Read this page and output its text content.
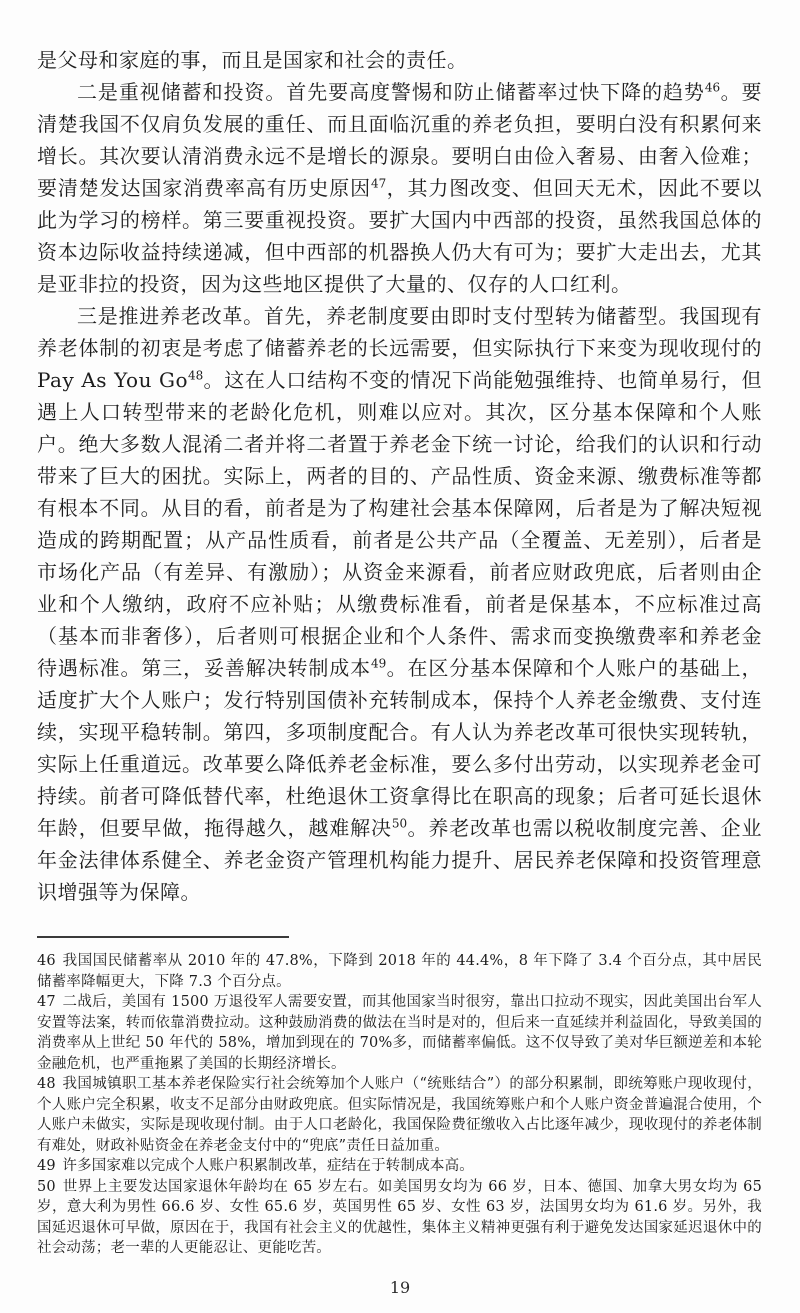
是父母和家庭的事，而且是国家和社会的责任。

二是重视储蓄和投资。首先要高度警惕和防止储蓄率过快下降的趋势$^{46}$。要清楚我国不仅肩负发展的重任、而且面临沉重的养老负担，要明白没有积累何来增长。其次要认清消费永远不是增长的源泉。要明白由俭入奢易、由奢入俭难；要清楚发达国家消费率高有历史原因$^{47}$，其力图改变、但回天无术，因此不要以此为学习的榜样。第三要重视投资。要扩大国内中西部的投资，虽然我国总体的资本边际收益持续递减，但中西部的机器换人仍大有可为；要扩大走出去，尤其是亚非拉的投资，因为这些地区提供了大量的、仅存的人口红利。

三是推进养老改革。首先，养老制度要由即时支付型转为储蓄型。我国现有养老体制的初衷是考虑了储蓄养老的长远需要，但实际执行下来变为现收现付的 Pay As You Go$^{48}$。这在人口结构不变的情况下尚能勉强维持、也简单易行，但遇上人口转型带来的老龄化危机，则难以应对。其次，区分基本保障和个人账户。绝大多数人混淆二者并将二者置于养老金下统一讨论，给我们的认识和行动带来了巨大的困扰。实际上，两者的目的、产品性质、资金来源、缴费标准等都有根本不同。从目的看，前者是为了构建社会基本保障网，后者是为了解决短视造成的跨期配置；从产品性质看，前者是公共产品（全覆盖、无差别），后者是市场化产品（有差异、有激励）；从资金来源看，前者应财政兜底，后者则由企业和个人缴纳，政府不应补贴；从缴费标准看，前者是保基本，不应标准过高（基本而非奢侈），后者则可根据企业和个人条件、需求而变换缴费率和养老金待遇标准。第三，妥善解决转制成本$^{49}$。在区分基本保障和个人账户的基础上，适度扩大个人账户；发行特别国债补充转制成本，保持个人养老金缴费、支付连续，实现平稳转制。第四，多项制度配合。有人认为养老改革可很快实现转轨，实际上任重道远。改革要么降低养老金标准，要么多付出劳动，以实现养老金可持续。前者可降低替代率，杜绝退休工资拿得比在职高的现象；后者可延长退休年龄，但要早做，拖得越久，越难解决$^{50}$。养老改革也需以税收制度完善、企业年金法律体系健全、养老金资产管理机构能力提升、居民养老保障和投资管理意识增强等为保障。

46 我国国民储蓄率从 2010 年的 47.8%，下降到 2018 年的 44.4%，8 年下降了 3.4 个百分点，其中居民储蓄率降幅更大，下降 7.3 个百分点。

47 二战后，美国有 1500 万退役军人需要安置，而其他国家当时很穷，靠出口拉动不现实，因此美国出台军人安置等法案，转而依靠消费拉动。这种鼓励消费的做法在当时是对的，但后来一直延续并利益固化，导致美国的消费率从上世纪 50 年代的 58%，增加到现在的 70%多，而储蓄率偏低。这不仅导致了美对华巨额逆差和本轮金融危机，也严重拖累了美国的长期经济增长。

48 我国城镇职工基本养老保险实行社会统筹加个人账户（“统账结合”）的部分积累制，即统筹账户现收现付，个人账户完全积累，收支不足部分由财政兜底。但实际情况是，我国统筹账户和个人账户资金普遍混合使用，个人账户未做实，实际是现收现付制。由于人口老龄化，我国保险费征缴收入占比逐年减少，现收现付的养老体制有难处，财政补贴资金在养老金支付中的“兜底”责任日益加重。

49 许多国家难以完成个人账户积累制改革，症结在于转制成本高。

50 世界上主要发达国家退休年龄均在 65 岁左右。如美国男女均为 66 岁，日本、德国、加拿大男女均为 65 岁，意大利为男性 66.6 岁、女性 65.6 岁，英国男性 65 岁、女性 63 岁，法国男女均为 61.6 岁。另外，我国延迟退休可早做，原因在于，我国有社会主义的优越性，集体主义精神更强有利于避免发达国家延迟退休中的社会动荡；老一辈的人更能忍让、更能吃苦。

19
